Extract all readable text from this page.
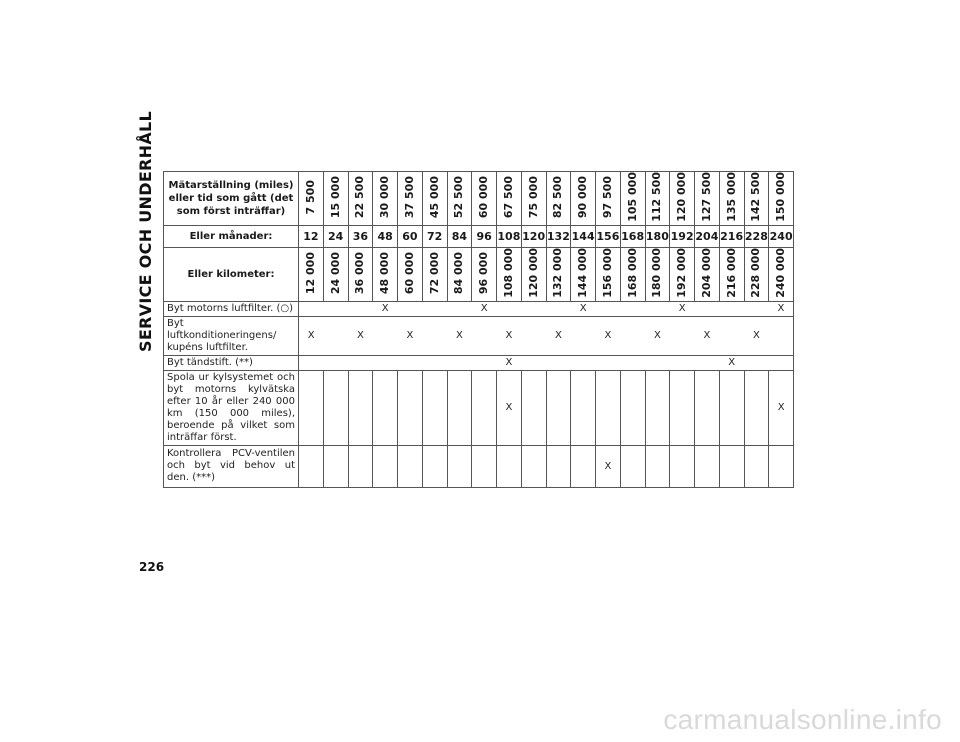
SERVICE OCH UNDERHÅLL
226
Mätarställning (miles) eller tid som gått (det som först inträffar)	7 500	15 000	22 500	30 000	37 500	45 000	52 500	60 000	67 500	75 000	82 500	90 000	97 500	105 000	112 500	120 000	127 500	135 000	142 500	150 000
Eller månader:	12	24	36	48	60	72	84	96	108	120	132	144	156	168	180	192	204	216	228	240
Eller kilometer:	12 000	24 000	36 000	48 000	60 000	72 000	84 000	96 000	108 000	120 000	132 000	144 000	156 000	168 000	180 000	192 000	204 000	216 000	228 000	240 000
Byt motorns luftfilter. (○)				X				X				X				X				X
Byt luftkonditioneringens/ kupéns luftfilter.	X		X		X		X		X		X		X		X		X		X	
Byt tändstift. (**)									X									X		
Spola ur kylsystemet och byt motorns kylvätska efter 10 år eller 240 000 km (150 000 miles), beroende på vilket som inträffar först.									X											X
Kontrollera PCV-ventilen och byt vid behov ut den. (***)													X							
carmanualsonline.info
